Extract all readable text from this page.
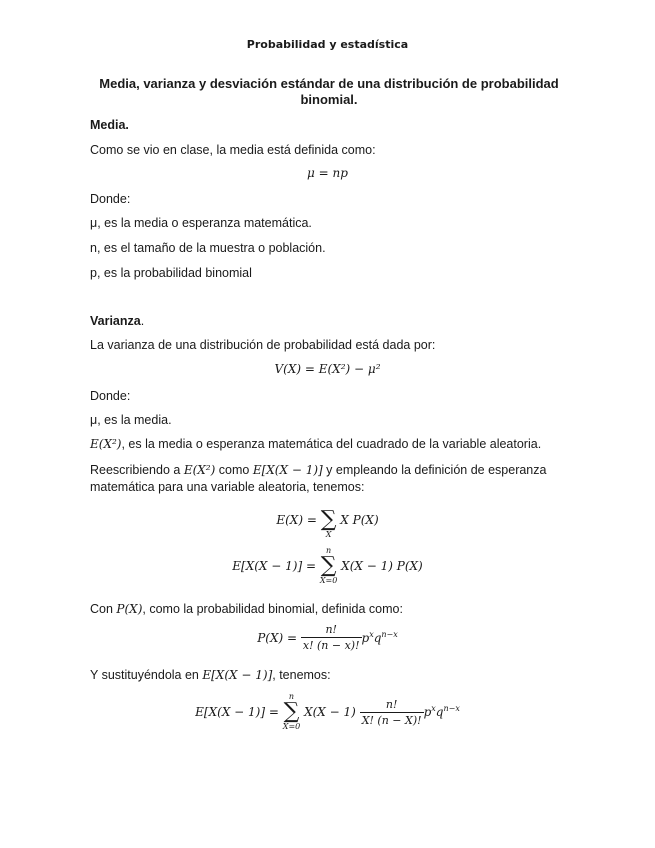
Probabilidad y estadística
Media, varianza y desviación estándar de una distribución de probabilidad binomial.
Media.
Como se vio en clase, la media está definida como:
μ = np
Donde:
μ, es la media o esperanza matemática.
n, es el tamaño de la muestra o población.
p, es la probabilidad binomial
Varianza.
La varianza de una distribución de probabilidad está dada por:
V(X) = E(X²) − μ²
Donde:
μ, es la media.
E(X²), es la media o esperanza matemática del cuadrado de la variable aleatoria.
Reescribiendo a E(X²) como E[X(X − 1)] y empleando la definición de esperanza
matemática para una variable aleatoria, tenemos:
E(X) = ∑
X
X P(X)
E[X(X − 1)] =
n
∑
X=0
X(X − 1) P(X)
Con P(X), como la probabilidad binomial, definida como:
$P(X) = \frac{n!}{x! (n - x)!} p^xq^{n-x}$
Y sustituyéndola en E[X(X − 1)], tenemos:
E[X(X − 1)] =
n
∑
X=0
$X(X - 1) \frac{n!}{X! (n - X)!} p^xq^{n-x}$
